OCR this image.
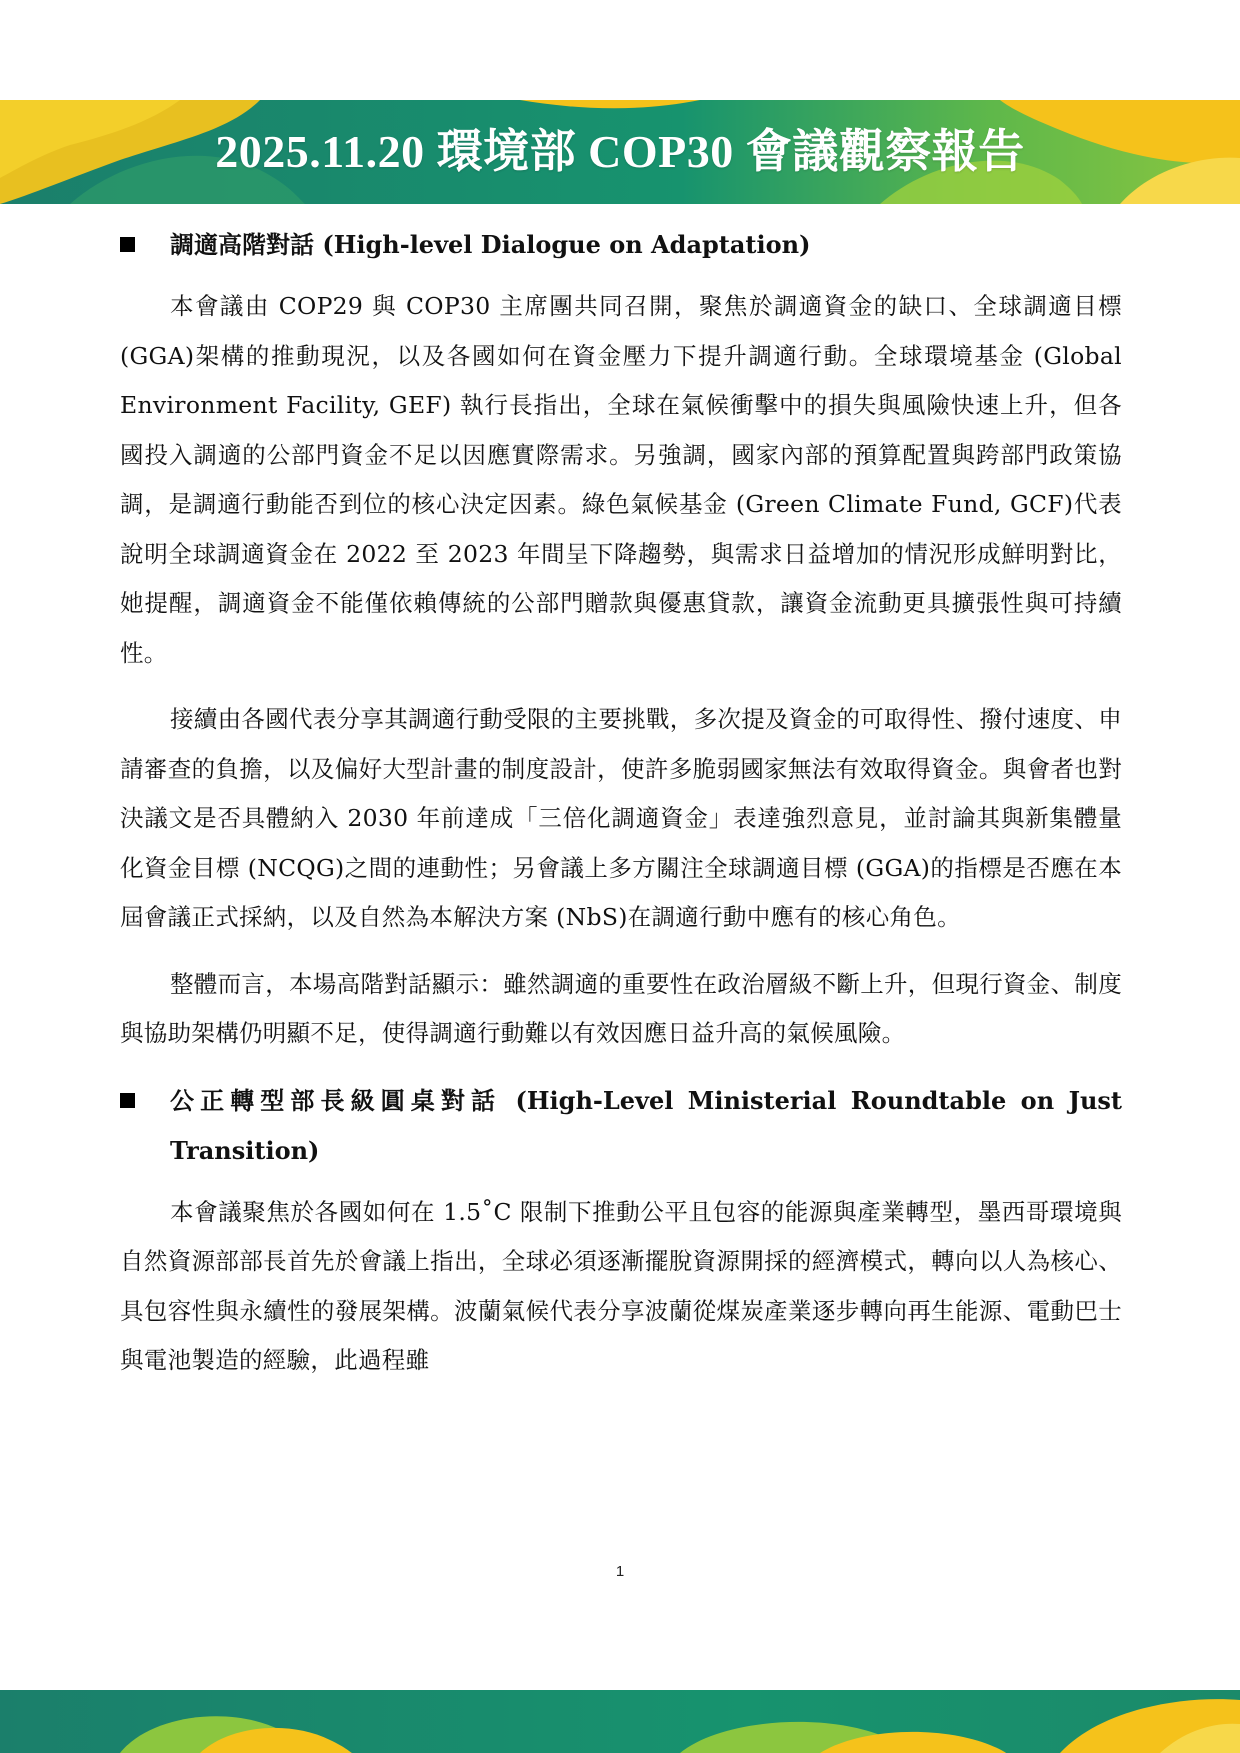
2025.11.20 環境部 COP30 會議觀察報告
調適高階對話 (High-level Dialogue on Adaptation)

本會議由 COP29 與 COP30 主席團共同召開，聚焦於調適資金的缺口、全球調適目標 (GGA)架構的推動現況，以及各國如何在資金壓力下提升調適行動。全球環境基金 (Global Environment Facility, GEF) 執行長指出，全球在氣候衝擊中的損失與風險快速上升，但各國投入調適的公部門資金不足以因應實際需求。另強調，國家內部的預算配置與跨部門政策協調，是調適行動能否到位的核心決定因素。綠色氣候基金 (Green Climate Fund, GCF)代表說明全球調適資金在 2022 至 2023 年間呈下降趨勢，與需求日益增加的情況形成鮮明對比，她提醒，調適資金不能僅依賴傳統的公部門贈款與優惠貸款，讓資金流動更具擴張性與可持續性。

接續由各國代表分享其調適行動受限的主要挑戰，多次提及資金的可取得性、撥付速度、申請審查的負擔，以及偏好大型計畫的制度設計，使許多脆弱國家無法有效取得資金。與會者也對決議文是否具體納入 2030 年前達成「三倍化調適資金」表達強烈意見，並討論其與新集體量化資金目標 (NCQG)之間的連動性；另會議上多方關注全球調適目標 (GGA)的指標是否應在本屆會議正式採納，以及自然為本解決方案 (NbS)在調適行動中應有的核心角色。

整體而言，本場高階對話顯示：雖然調適的重要性在政治層級不斷上升，但現行資金、制度與協助架構仍明顯不足，使得調適行動難以有效因應日益升高的氣候風險。

公正轉型部長級圓桌對話 (High-Level Ministerial Roundtable on Just Transition)

本會議聚焦於各國如何在 1.5˚C 限制下推動公平且包容的能源與產業轉型，墨西哥環境與自然資源部部長首先於會議上指出，全球必須逐漸擺脫資源開採的經濟模式，轉向以人為核心、具包容性與永續性的發展架構。波蘭氣候代表分享波蘭從煤炭產業逐步轉向再生能源、電動巴士與電池製造的經驗，此過程雖

1
